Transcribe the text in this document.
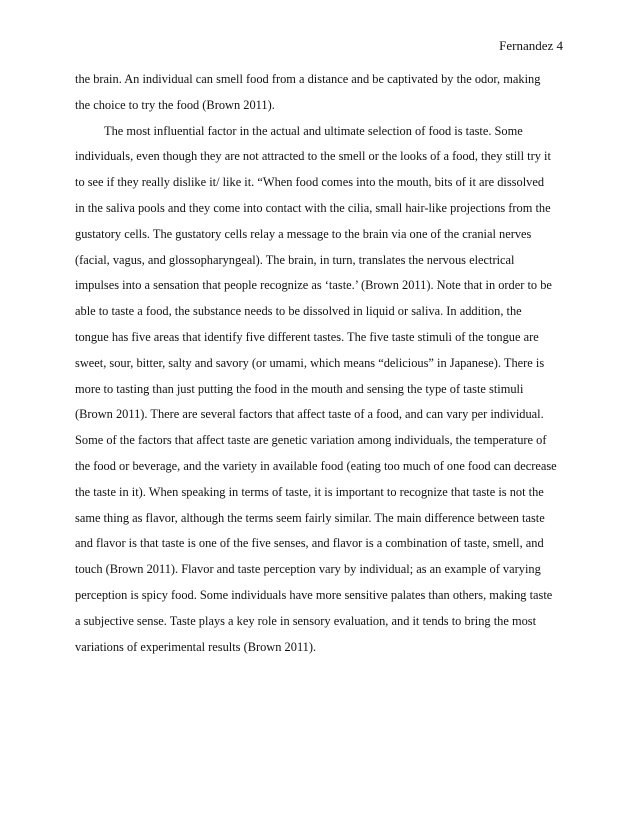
Fernandez 4

the brain. An individual can smell food from a distance and be captivated by the odor, making

the choice to try the food (Brown 2011).

The most influential factor in the actual and ultimate selection of food is taste. Some

individuals, even though they are not attracted to the smell or the looks of a food, they still try it

to see if they really dislike it/ like it. “When food comes into the mouth, bits of it are dissolved

in the saliva pools and they come into contact with the cilia, small hair-like projections from the

gustatory cells. The gustatory cells relay a message to the brain via one of the cranial nerves

(facial, vagus, and glossopharyngeal). The brain, in turn, translates the nervous electrical

impulses into a sensation that people recognize as ‘taste.’ (Brown 2011). Note that in order to be

able to taste a food, the substance needs to be dissolved in liquid or saliva. In addition, the

tongue has five areas that identify five different tastes. The five taste stimuli of the tongue are

sweet, sour, bitter, salty and savory (or umami, which means “delicious” in Japanese). There is

more to tasting than just putting the food in the mouth and sensing the type of taste stimuli

(Brown 2011). There are several factors that affect taste of a food, and can vary per individual.

Some of the factors that affect taste are genetic variation among individuals, the temperature of

the food or beverage, and the variety in available food (eating too much of one food can decrease

the taste in it). When speaking in terms of taste, it is important to recognize that taste is not the

same thing as flavor, although the terms seem fairly similar. The main difference between taste

and flavor is that taste is one of the five senses, and flavor is a combination of taste, smell, and

touch (Brown 2011). Flavor and taste perception vary by individual; as an example of varying

perception is spicy food. Some individuals have more sensitive palates than others, making taste

a subjective sense. Taste plays a key role in sensory evaluation, and it tends to bring the most

variations of experimental results (Brown 2011).
